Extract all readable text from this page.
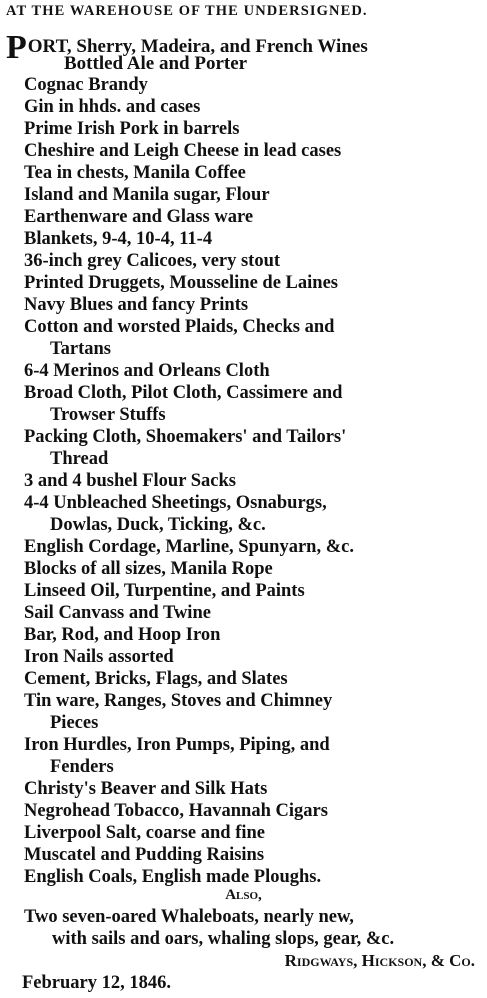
AT THE WAREHOUSE OF THE UNDERSIGNED.
PORT, Sherry, Madeira, and French Wines
Bottled Ale and Porter
Cognac Brandy
Gin in hhds. and cases
Prime Irish Pork in barrels
Cheshire and Leigh Cheese in lead cases
Tea in chests, Manila Coffee
Island and Manila sugar, Flour
Earthenware and Glass ware
Blankets, 9-4, 10-4, 11-4
36-inch grey Calicoes, very stout
Printed Druggets, Mousseline de Laines
Navy Blues and fancy Prints
Cotton and worsted Plaids, Checks and
Tartans
6-4 Merinos and Orleans Cloth
Broad Cloth, Pilot Cloth, Cassimere and
Trowser Stuffs
Packing Cloth, Shoemakers' and Tailors'
Thread
3 and 4 bushel Flour Sacks
4-4 Unbleached Sheetings, Osnaburgs,
Dowlas, Duck, Ticking, &c.
English Cordage, Marline, Spunyarn, &c.
Blocks of all sizes, Manila Rope
Linseed Oil, Turpentine, and Paints
Sail Canvass and Twine
Bar, Rod, and Hoop Iron
Iron Nails assorted
Cement, Bricks, Flags, and Slates
Tin ware, Ranges, Stoves and Chimney
Pieces
Iron Hurdles, Iron Pumps, Piping, and
Fenders
Christy's Beaver and Silk Hats
Negrohead Tobacco, Havannah Cigars
Liverpool Salt, coarse and fine
Muscatel and Pudding Raisins
English Coals, English made Ploughs.
Also,
Two seven-oared Whaleboats, nearly new,
with sails and oars, whaling slops, gear, &c.
Ridgways, Hickson, & Co.
February 12, 1846.
